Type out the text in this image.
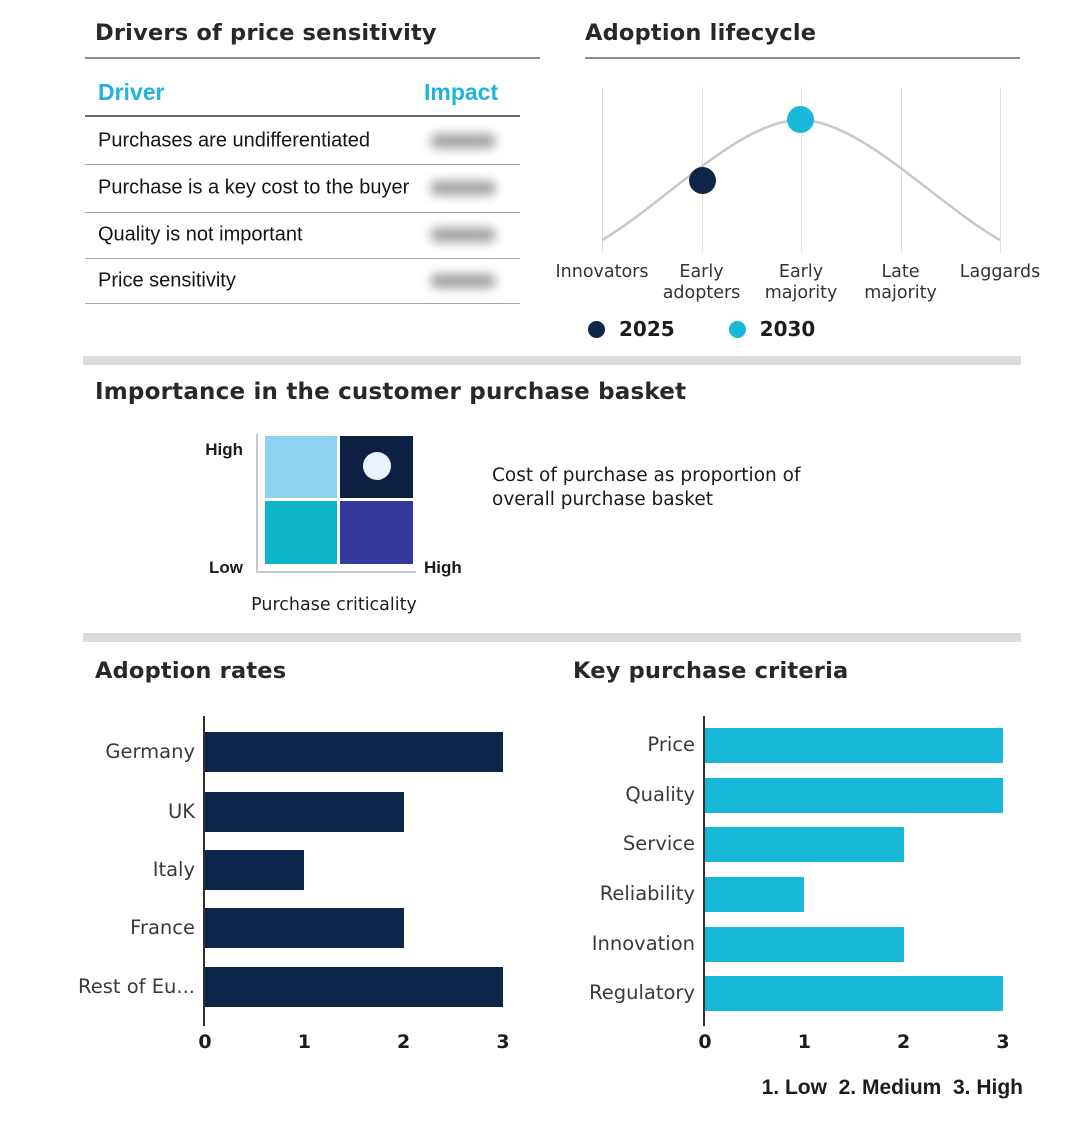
Drivers of price sensitivity
Driver	Impact
Purchases are undifferentiated
Purchase is a key cost to the buyer
Quality is not important
Price sensitivity
Adoption lifecycle
Innovators	Early adopters
Early majority
Late majority
Laggards
2025	2030
Importance in the customer purchase basket
High
Low	High
Purchase criticality
Cost of purchase as proportion of
overall purchase basket
Adoption rates
Germany
UK
Italy
France
Rest of Eu...
0	1	2	3
Key purchase criteria
Price
Quality
Service
Reliability
Innovation
Regulatory
0	1	2	3
1. Low  2. Medium  3. High
